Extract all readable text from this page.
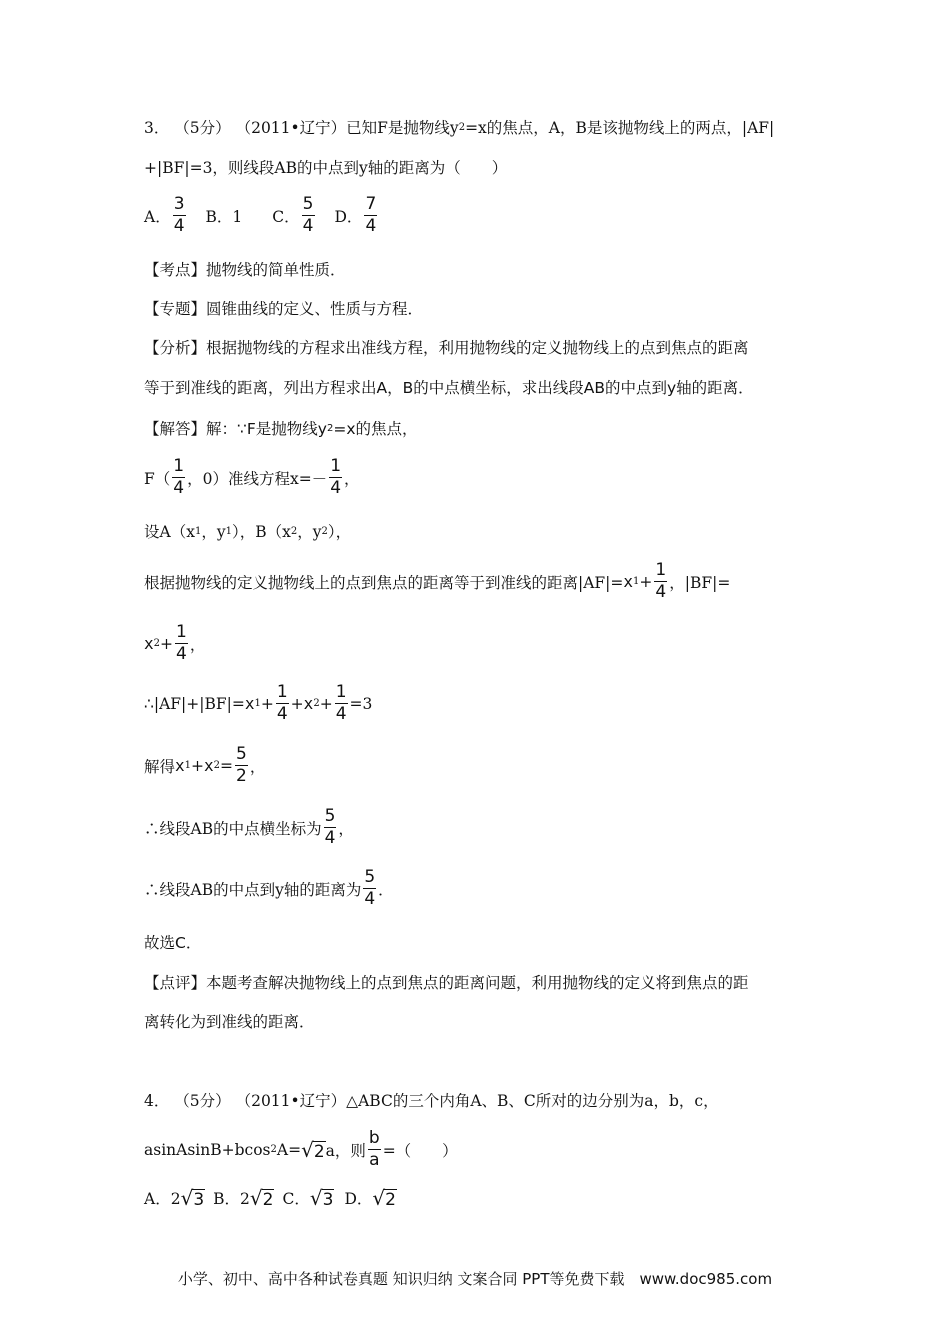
3． （5分） （2011•辽宁）已知F是抛物线y 2 =x的焦点，A，B是该抛物线上的两点，|AF|
+|BF|=3，则线段AB的中点到y轴的距离为（　　）
A． $\frac{3}{4}$ B．1 C． $\frac{5}{4}$ D． $\frac{7}{4}$
【考点】抛物线的简单性质．
【专题】圆锥曲线的定义、性质与方程．
【分析】根据抛物线的方程求出准线方程，利用抛物线的定义抛物线上的点到焦点的距离
等于到准线的距离，列出方程求出A，B的中点横坐标，求出线段AB的中点到y轴的距离．
【解答】解：∵F是抛物线y 2 =x的焦点，
$F( \frac{1}{4}$ ，0）准线方程$x=- \frac{1}{4}$ ，
设A（x 1 ，y 1 ），B（x 2 ，y 2 ），
根据抛物线的定义抛物线上的点到焦点的距离等于到准线的距离|AF|= x $1 + \frac{1}{4}$ ，|BF|=
x $2 + \frac{1}{4}$ ，
∴|AF|+|BF|= x $1 + \frac{1}{4} + x$ $2 + \frac{1}{4} =3$
解得 x 1 + x $2 = \frac{5}{2}$ ，
∴线段AB的中点横坐标为 $\frac{5}{4}$ ，
∴线段AB的中点到y轴的距离为 $\frac{5}{4}$ ．
故选C．
【点评】本题考查解决抛物线上的点到焦点的距离问题，利用抛物线的定义将到焦点的距
离转化为到准线的距离．
4． （5分） （2011•辽宁）△ABC的三个内角A、B、C所对的边分别为a，b，c，
asinAsinB+bcos 2 A= √ 2 a，则 $\frac{b}{a}$ =（　　）
A．2 √ 3 B．2 √ 2 C． √ 3 D． √ 2
小学、初中、高中各种试卷真题 知识归纳 文案合同 PPT等免费下载　www.doc985.com
